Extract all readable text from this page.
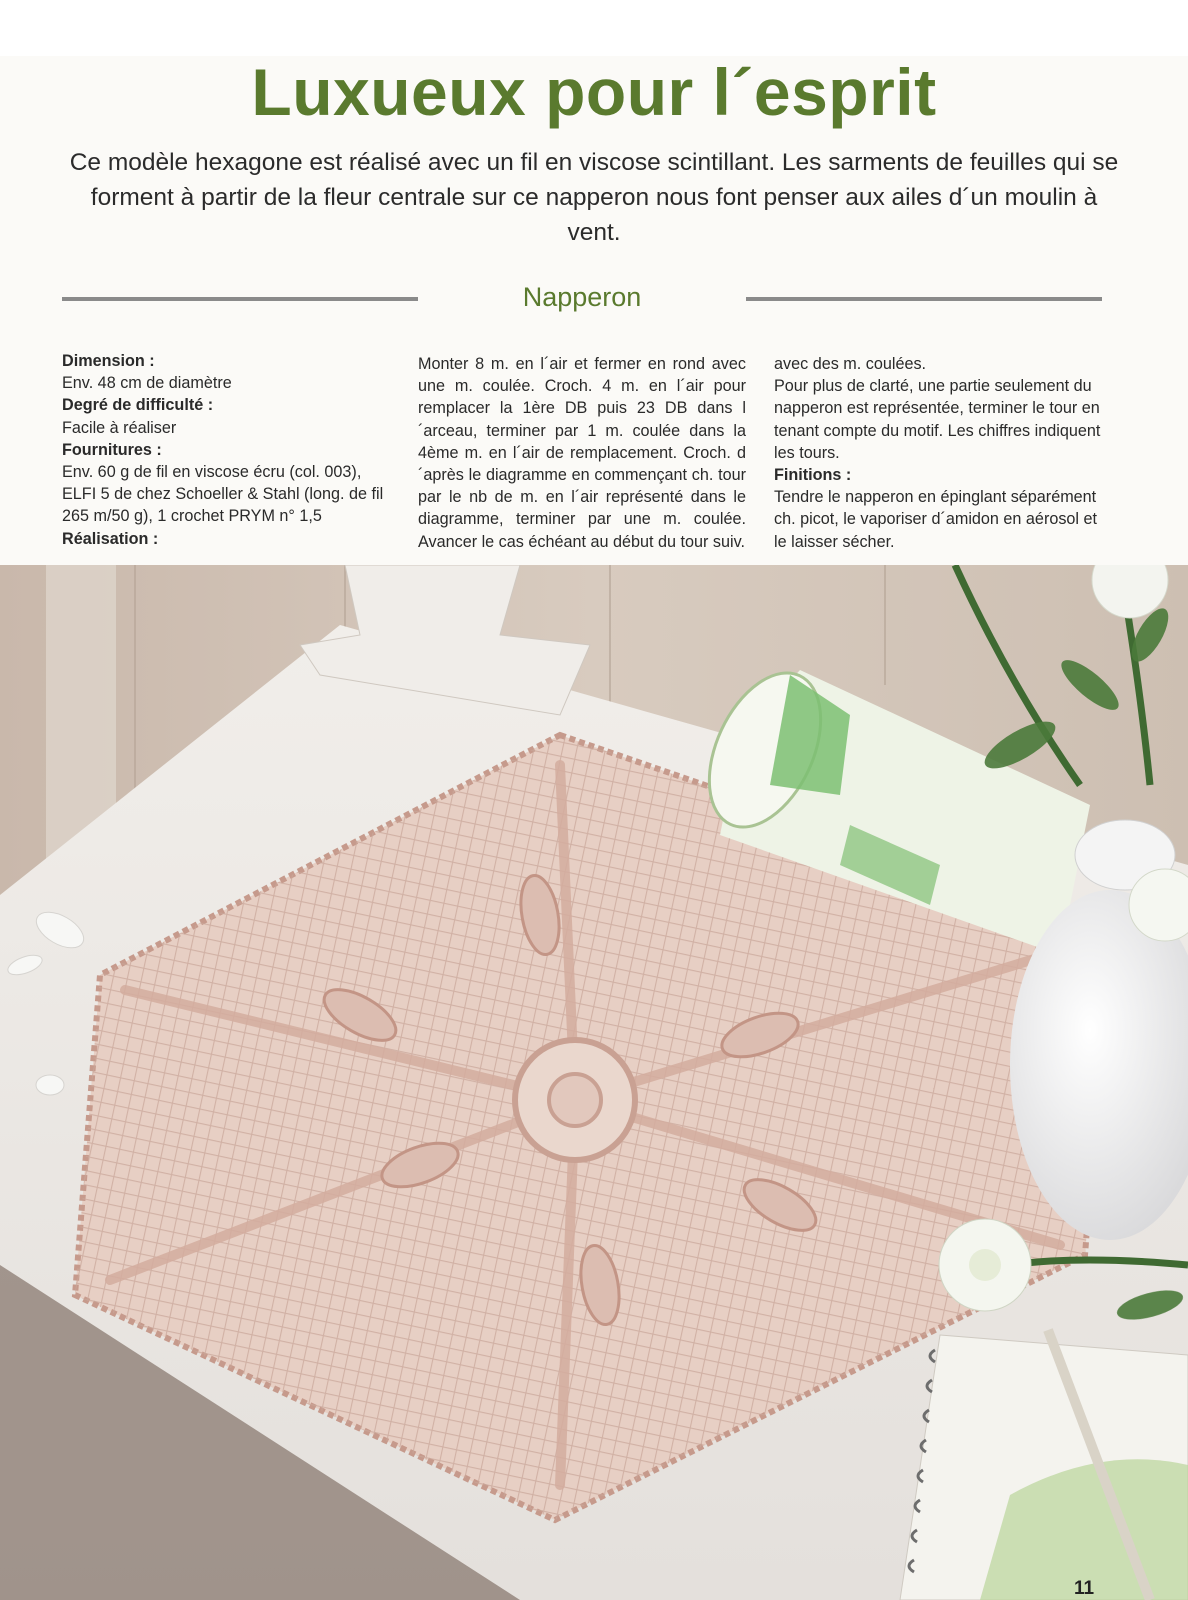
Luxueux pour l´esprit

Ce modèle hexagone est réalisé avec un fil en viscose scintillant. Les sarments de feuilles qui se forment à partir de la fleur centrale sur ce napperon nous font penser aux ailes d´un moulin à vent.

Napperon
Dimension :
Env. 48 cm de diamètre
Degré de difficulté :
Facile à réaliser
Fournitures :
Env. 60 g de fil en viscose écru (col. 003), ELFI 5 de chez Schoeller & Stahl (long. de fil 265 m/50 g), 1 crochet PRYM n° 1,5
Réalisation :
Monter 8 m. en l´air et fermer en rond avec une m. coulée. Croch. 4 m. en l´air pour remplacer la 1ère DB puis 23 DB dans l´arceau, terminer par 1 m. coulée dans la 4ème m. en l´air de remplacement. Croch. d´après le diagramme en commençant ch. tour par le nb de m. en l´air représenté dans le diagramme, terminer par une m. coulée. Avancer le cas échéant au début du tour suiv.
avec des m. coulées.
Pour plus de clarté, une partie seulement du napperon est représentée, terminer le tour en tenant compte du motif. Les chiffres indiquent les tours.
Finitions :
Tendre le napperon en épinglant séparément ch. picot, le vaporiser d´amidon en aérosol et le laisser sécher.
11
